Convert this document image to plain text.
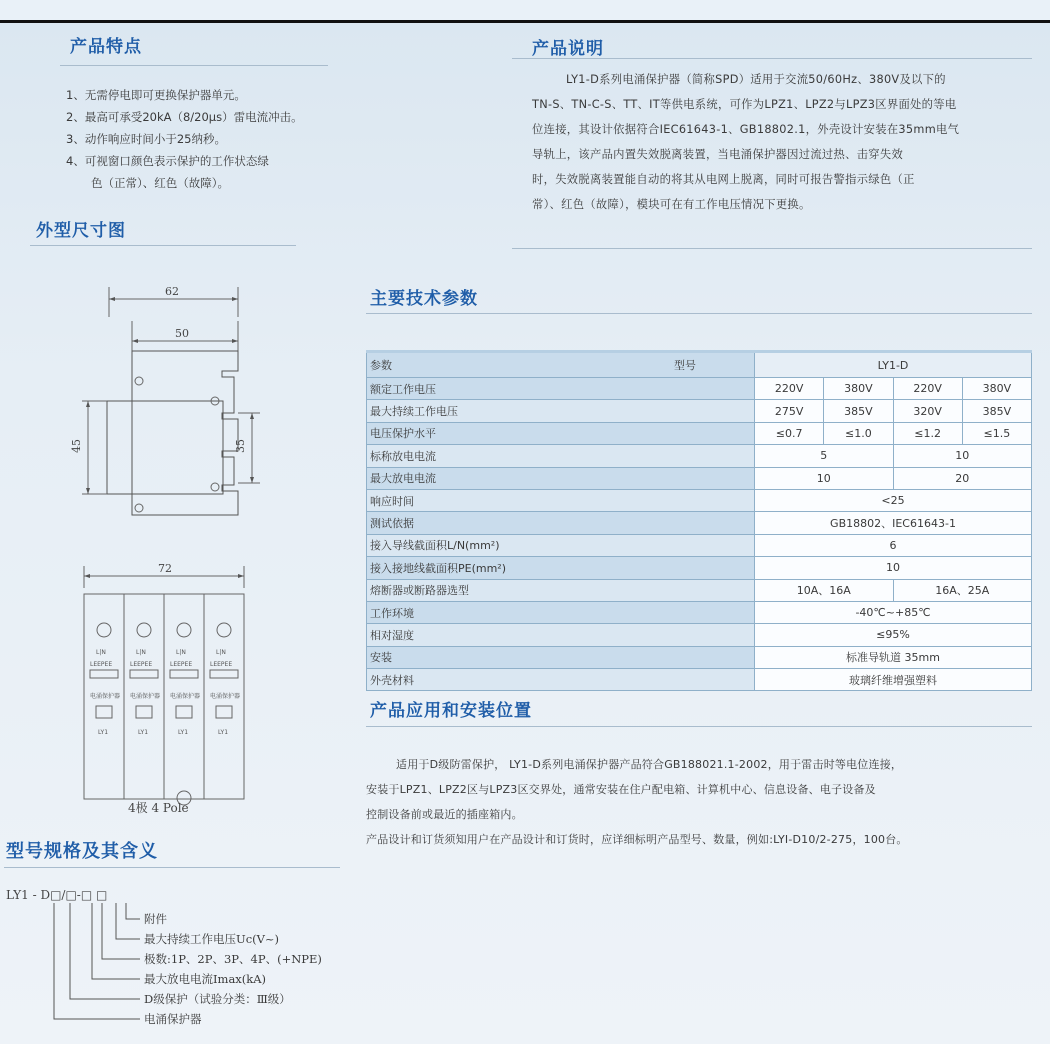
产品特点
1、无需停电即可更换保护器单元。
2、最高可承受20kA（8/20μs）雷电流冲击。
3、动作响应时间小于25纳秒。
4、可视窗口颜色表示保护的工作状态绿
色（正常）、红色（故障）。
产品说明

LY1-D系列电涌保护器（简称SPD）适用于交流50/60Hz、380V及以下的

TN-S、TN-C-S、TT、IT等供电系统，可作为LPZ1、LPZ2与LPZ3区界面处的等电

位连接，其设计依据符合IEC61643-1、GB18802.1，外壳设计安装在35mm电气

导轨上，该产品内置失效脱离装置，当电涌保护器因过流过热、击穿失效

时，失效脱离装置能自动的将其从电网上脱离，同时可报告警指示绿色（正

常）、红色（故障），模块可在有工作电压情况下更换。

外型尺寸图
62
50
45	35
72
L|N	L|N	L|N	L|N
LEEPEE	LEEPEE	LEEPEE	LEEPEE
电涌保护器 电涌保护器 电涌保护器 电涌保护器
LY1	LY1	LY1	LY1
4极 4 Pole
主要技术参数
参数 型号	LY1-D			
额定工作电压	220V	380V	220V	380V
最大持续工作电压	275V	385V	320V	385V
电压保护水平	≤0.7	≤1.0	≤1.2	≤1.5
标称放电电流	5		10	
最大放电电流	10		20	
响应时间	<25			
测试依据	GB18802、IEC61643-1			
接入导线截面积L/N(mm²)	6			
接入接地线截面积PE(mm²)	10			
熔断器或断路器选型	10A、16A		16A、25A	
工作环境	-40℃~+85℃			
相对湿度	≤95%			
安装	标准导轨道 35mm			
外壳材料	玻璃纤维增强塑料			
产品应用和安装位置

适用于D级防雷保护， LY1-D系列电涌保护器产品符合GB188021.1-2002，用于雷击时等电位连接，

安装于LPZ1、LPZ2区与LPZ3区交界处，通常安装在住户配电箱、计算机中心、信息设备、电子设备及

控制设备前或最近的插座箱内。

产品设计和订货须知用户在产品设计和订货时，应详细标明产品型号、数量，例如:LYⅠ-D10/2-275，100台。

型号规格及其含义
LY1 - D□/□-□ □
附件
最大持续工作电压Uc(V~)
极数:1P、2P、3P、4P、(+NPE)
最大放电电流Imax(kA)
D级保护（试验分类：Ⅲ级）
电涌保护器
